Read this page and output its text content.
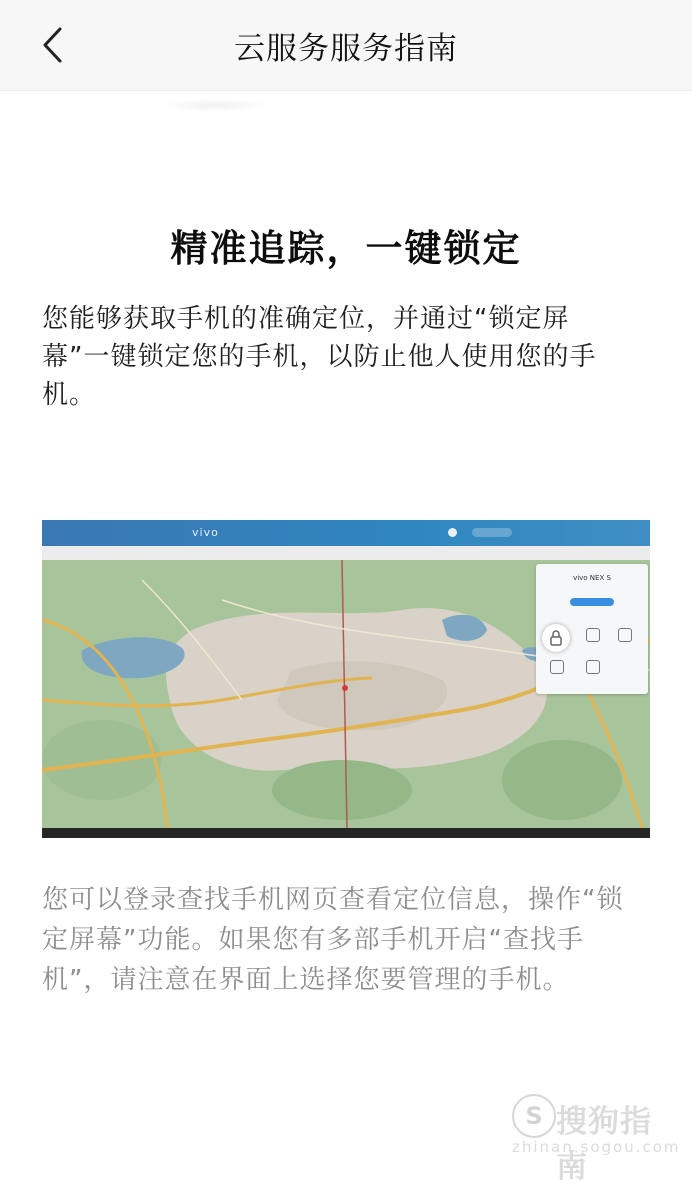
云服务服务指南
精准追踪，一键锁定
您能够获取手机的准确定位，并通过“锁定屏幕”一键锁定您的手机，以防止他人使用您的手机。
vivo
vivo NEX S
您可以登录查找手机网页查看定位信息，操作“锁定屏幕”功能。如果您有多部手机开启“查找手机”，请注意在界面上选择您要管理的手机。
S 搜狗指南
zhinan.sogou.com
